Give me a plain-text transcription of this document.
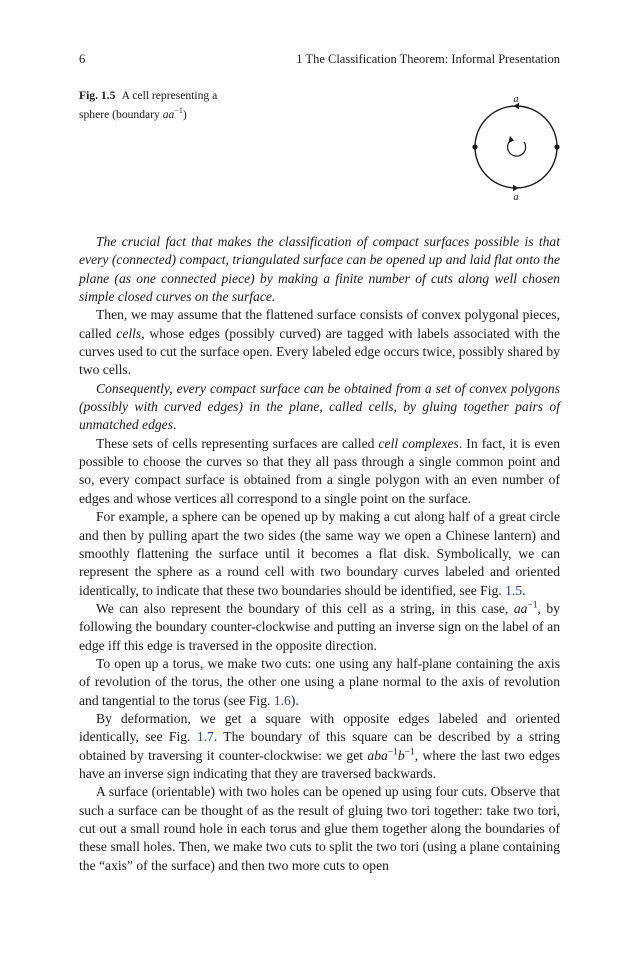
6	1 The Classification Theorem: Informal Presentation
Fig. 1.5 A cell representing a sphere (boundary $aa^{-1}$)
a
a

The crucial fact that makes the classification of compact surfaces possible is that every (connected) compact, triangulated surface can be opened up and laid flat onto the plane (as one connected piece) by making a finite number of cuts along well chosen simple closed curves on the surface.

Then, we may assume that the flattened surface consists of convex polygonal pieces, called cells, whose edges (possibly curved) are tagged with labels associated with the curves used to cut the surface open. Every labeled edge occurs twice, possibly shared by two cells.

Consequently, every compact surface can be obtained from a set of convex polygons (possibly with curved edges) in the plane, called cells, by gluing together pairs of unmatched edges.

These sets of cells representing surfaces are called cell complexes. In fact, it is even possible to choose the curves so that they all pass through a single common point and so, every compact surface is obtained from a single polygon with an even number of edges and whose vertices all correspond to a single point on the surface.

For example, a sphere can be opened up by making a cut along half of a great circle and then by pulling apart the two sides (the same way we open a Chinese lantern) and smoothly flattening the surface until it becomes a flat disk. Symbolically, we can represent the sphere as a round cell with two boundary curves labeled and oriented identically, to indicate that these two boundaries should be identified, see Fig. 1.5.

We can also represent the boundary of this cell as a string, in this case, $aa^{-1}$, by following the boundary counter-clockwise and putting an inverse sign on the label of an edge iff this edge is traversed in the opposite direction.

To open up a torus, we make two cuts: one using any half-plane containing the axis of revolution of the torus, the other one using a plane normal to the axis of revolution and tangential to the torus (see Fig. 1.6).

By deformation, we get a square with opposite edges labeled and oriented identically, see Fig. 1.7. The boundary of this square can be described by a string obtained by traversing it counter-clockwise: we get $aba^{-1}b^{-1}$, where the last two edges have an inverse sign indicating that they are traversed backwards.

A surface (orientable) with two holes can be opened up using four cuts. Observe that such a surface can be thought of as the result of gluing two tori together: take two tori, cut out a small round hole in each torus and glue them together along the boundaries of these small holes. Then, we make two cuts to split the two tori (using a plane containing the “axis” of the surface) and then two more cuts to open
